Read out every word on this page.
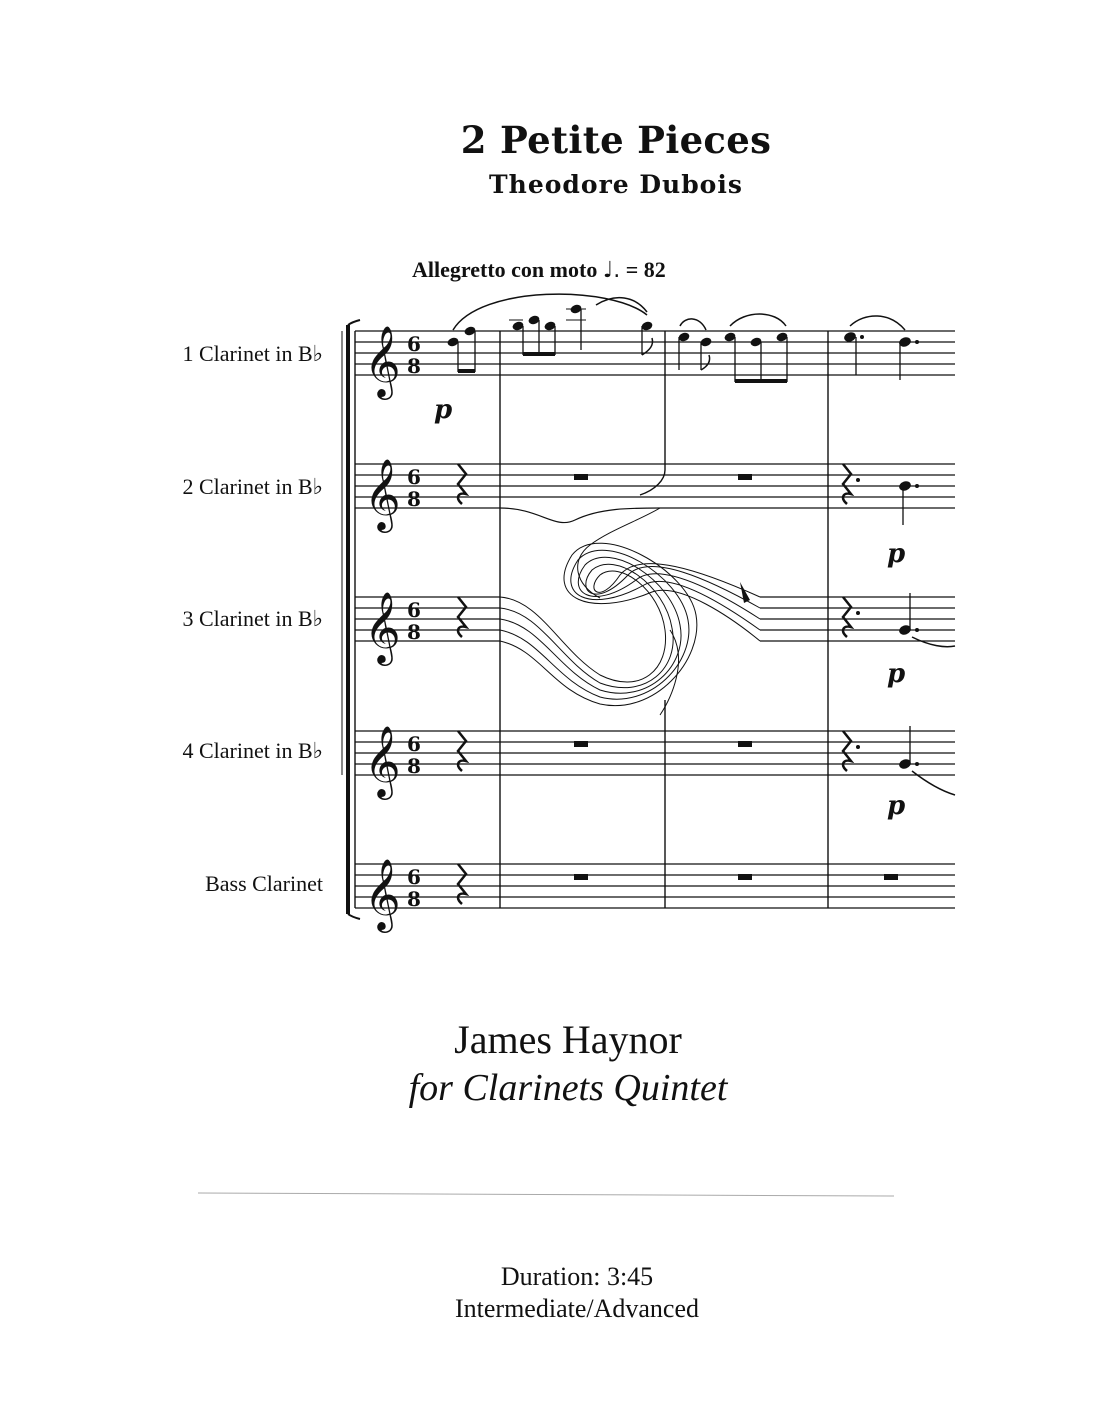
2 Petite Pieces
Theodore Dubois
Allegretto con moto ♩. = 82
1 Clarinet in B♭
2 Clarinet in B♭
3 Clarinet in B♭
4 Clarinet in B♭
Bass Clarinet
𝄞
𝄞
𝄞
𝄞
𝄞
6
8
6
8
6
8
6
8
6
8
p
p
p
p
James Haynor
for Clarinets Quintet
Duration: 3:45
Intermediate/Advanced
